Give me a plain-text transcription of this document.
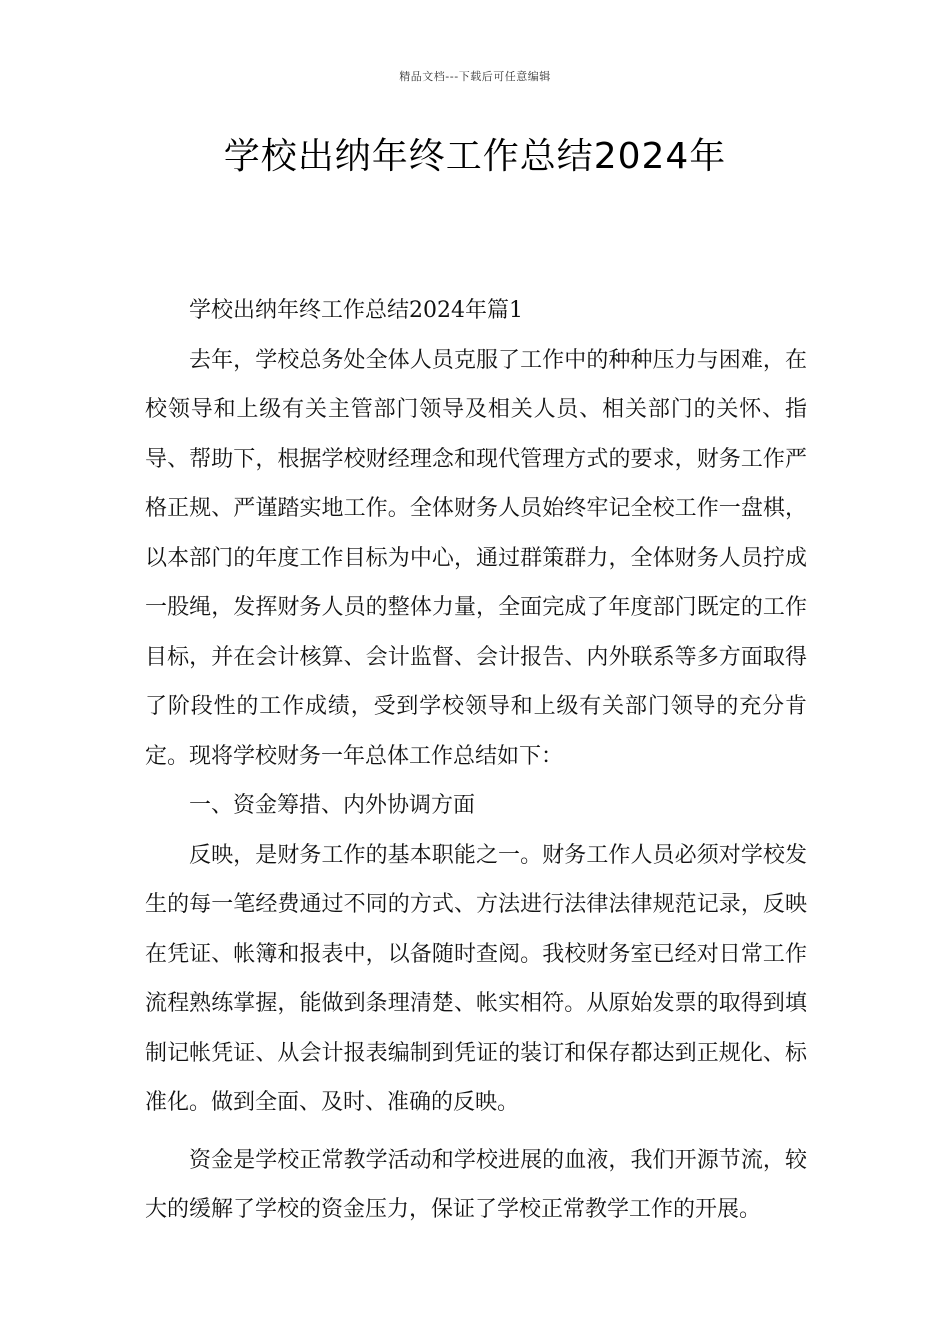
精品文档---下载后可任意编辑
学校出纳年终工作总结2024年

学校出纳年终工作总结2024年篇1

去年，学校总务处全体人员克服了工作中的种种压力与困难，在校领导和上级有关主管部门领导及相关人员、相关部门的关怀、指导、帮助下，根据学校财经理念和现代管理方式的要求，财务工作严格正规、严谨踏实地工作。全体财务人员始终牢记全校工作一盘棋，以本部门的年度工作目标为中心，通过群策群力，全体财务人员拧成一股绳，发挥财务人员的整体力量，全面完成了年度部门既定的工作目标，并在会计核算、会计监督、会计报告、内外联系等多方面取得了阶段性的工作成绩，受到学校领导和上级有关部门领导的充分肯定。现将学校财务一年总体工作总结如下：

一、资金筹措、内外协调方面

反映，是财务工作的基本职能之一。财务工作人员必须对学校发生的每一笔经费通过不同的方式、方法进行法律法律规范记录，反映在凭证、帐簿和报表中，以备随时查阅。我校财务室已经对日常工作流程熟练掌握，能做到条理清楚、帐实相符。从原始发票的取得到填制记帐凭证、从会计报表编制到凭证的装订和保存都达到正规化、标准化。做到全面、及时、准确的反映。

资金是学校正常教学活动和学校进展的血液，我们开源节流，较大的缓解了学校的资金压力，保证了学校正常教学工作的开展。
